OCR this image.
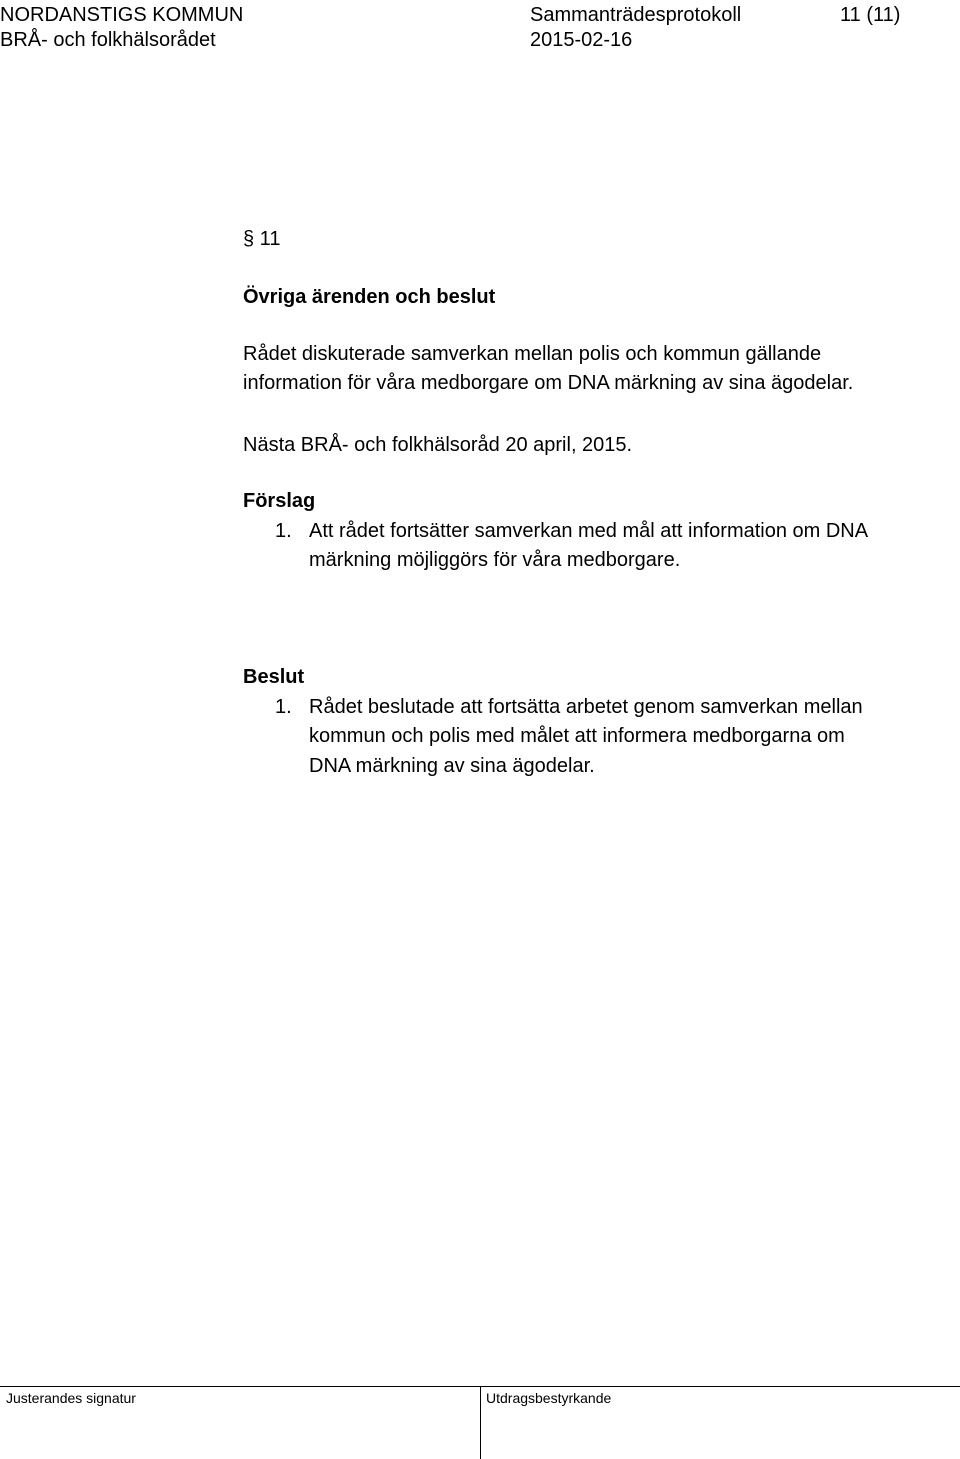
NORDANSTIGS KOMMUN
BRÅ- och folkhälsorådet
Sammanträdesprotokoll
2015-02-16
11 (11)
§ 11
Övriga ärenden och beslut
Rådet diskuterade samverkan mellan polis och kommun gällande
information för våra medborgare om DNA märkning av sina ägodelar.
Nästa BRÅ- och folkhälsoråd 20 april, 2015.
Förslag
1. Att rådet fortsätter samverkan med mål att information om DNA
märkning möjliggörs för våra medborgare.
Beslut
1. Rådet beslutade att fortsätta arbetet genom samverkan mellan
kommun och polis med målet att informera medborgarna om
DNA märkning av sina ägodelar.
Justerandes signatur	Utdragsbestyrkande
